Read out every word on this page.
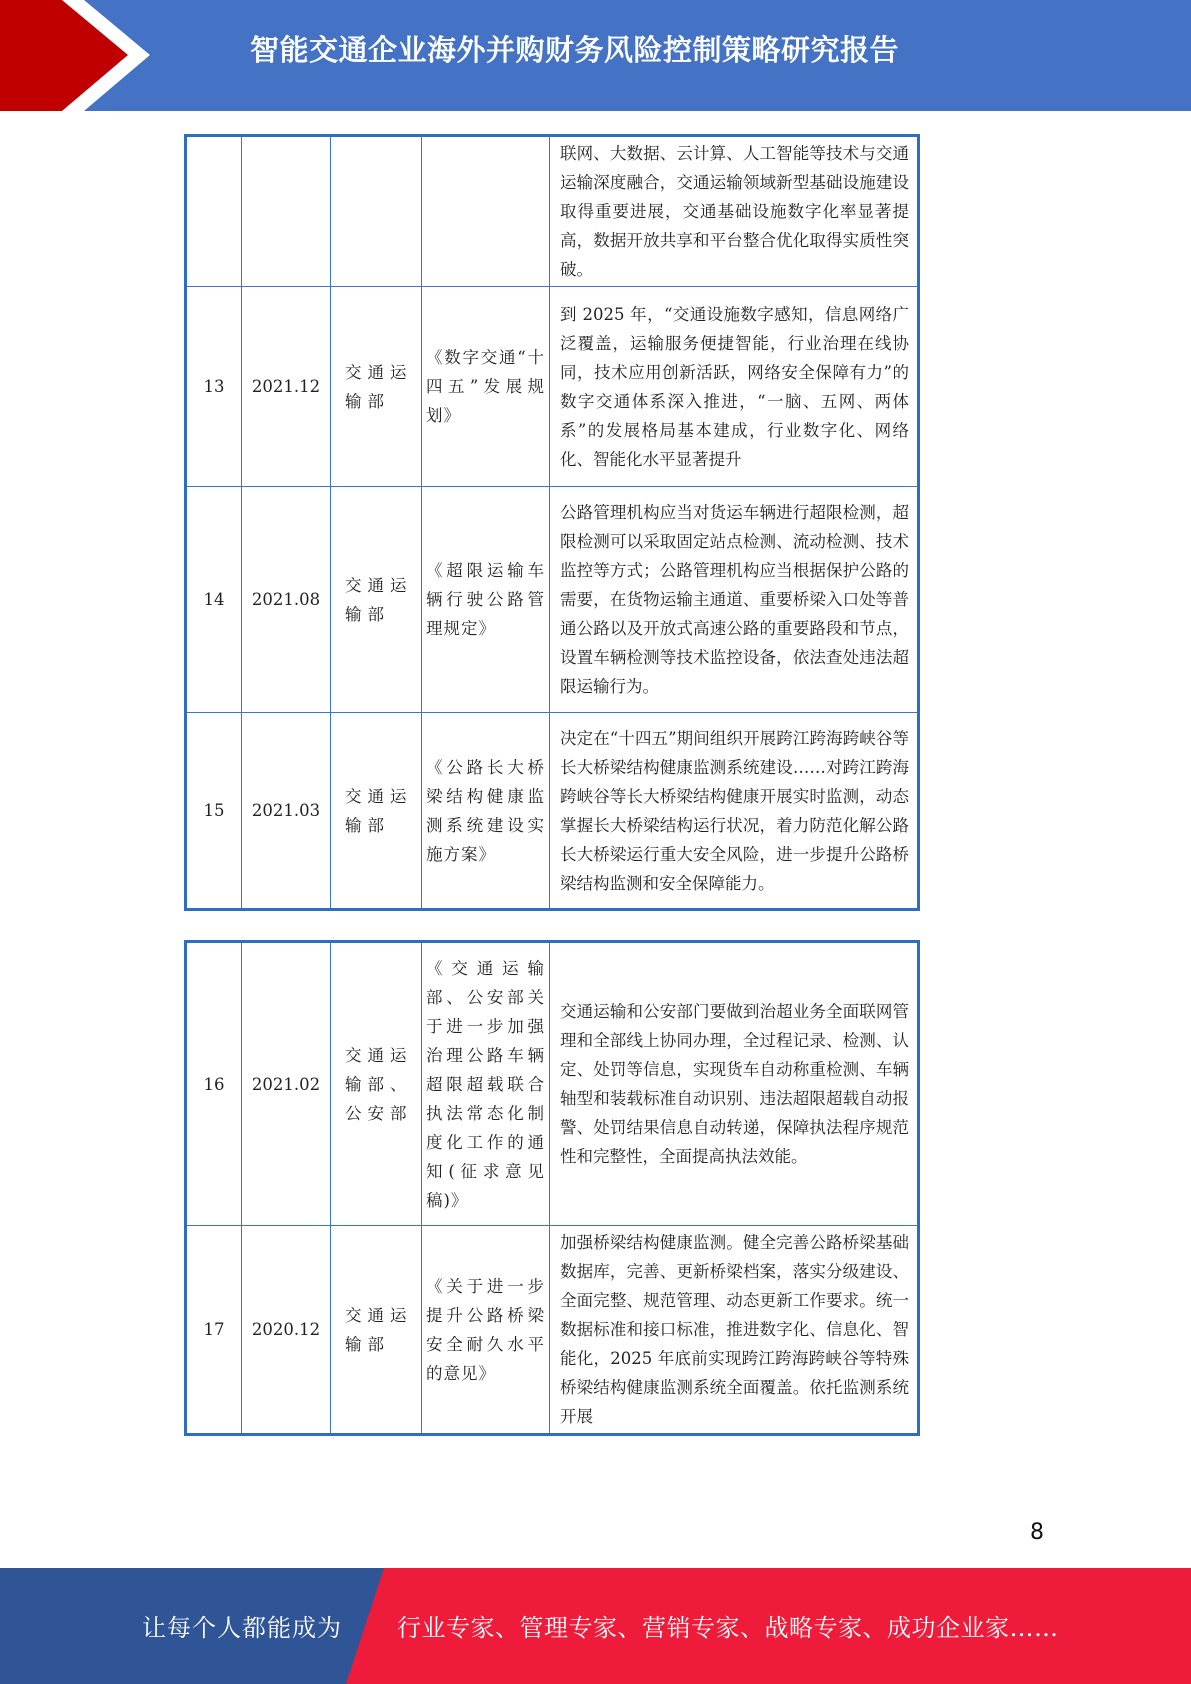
智能交通企业海外并购财务风险控制策略研究报告

				联网、大数据、云计算、人工智能等技术与交通运输深度融合，交通运输领域新型基础设施建设取得重要进展，交通基础设施数字化率显著提高，数据开放共享和平台整合优化取得实质性突破。

13	2021.12	交通运输部	《数字交通“十四五”发展规划》	到 2025 年，“交通设施数字感知，信息网络广泛覆盖，运输服务便捷智能，行业治理在线协同，技术应用创新活跃，网络安全保障有力”的数字交通体系深入推进，“一脑、五网、两体系”的发展格局基本建成，行业数字化、网络化、智能化水平显著提升

14	2021.08	交通运输部	《超限运输车辆行驶公路管理规定》	公路管理机构应当对货运车辆进行超限检测，超限检测可以采取固定站点检测、流动检测、技术监控等方式；公路管理机构应当根据保护公路的需要，在货物运输主通道、重要桥梁入口处等普通公路以及开放式高速公路的重要路段和节点，设置车辆检测等技术监控设备，依法查处违法超限运输行为。

15	2021.03	交通运输部	《公路长大桥梁结构健康监测系统建设实施方案》	决定在“十四五”期间组织开展跨江跨海跨峡谷等长大桥梁结构健康监测系统建设……对跨江跨海跨峡谷等长大桥梁结构健康开展实时监测，动态掌握长大桥梁结构运行状况，着力防范化解公路长大桥梁运行重大安全风险，进一步提升公路桥梁结构监测和安全保障能力。
16	2021.02	交通运输部、公安部	《交通运输部、公安部关于进一步加强治理公路车辆超限超载联合执法常态化制度化工作的通知(征求意见稿)》	交通运输和公安部门要做到治超业务全面联网管理和全部线上协同办理，全过程记录、检测、认定、处罚等信息，实现货车自动称重检测、车辆轴型和装载标准自动识别、违法超限超载自动报警、处罚结果信息自动转递，保障执法程序规范性和完整性，全面提高执法效能。

17	2020.12	交通运输部	《关于进一步提升公路桥梁安全耐久水平的意见》	加强桥梁结构健康监测。健全完善公路桥梁基础数据库，完善、更新桥梁档案，落实分级建设、全面完整、规范管理、动态更新工作要求。统一数据标准和接口标准，推进数字化、信息化、智能化，2025 年底前实现跨江跨海跨峡谷等特殊桥梁结构健康监测系统全面覆盖。依托监测系统开展
8
让每个人都能成为 行业专家、管理专家、营销专家、战略专家、成功企业家……
